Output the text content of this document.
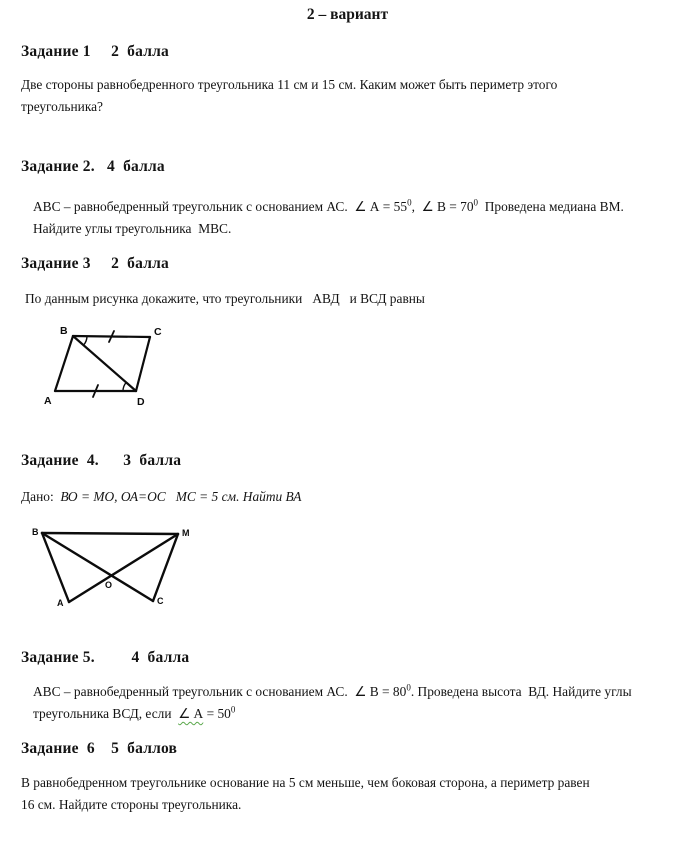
2 – вариант
Задание 1     2  балла
Две стороны равнобедренного треугольника 11 см и 15 см. Каким может быть периметр этого
треугольника?
Задание 2.   4  балла
АВС – равнобедренный треугольник с основанием АС.  ∠ $А = 55^0$,  ∠ $В = 70^0$  Проведена медиана ВМ.
Найдите углы треугольника  МВС.
Задание 3     2  балла
По данным рисунка докажите, что треугольники   АВД   и ВСД равны
B	C
A	D
Задание  4.      3  балла
Дано: ВО = МО, ОА=ОС   МС = 5 см. Найти ВА
B	M
A	C
O
Задание 5.         4  балла
АВС – равнобедренный треугольник с основанием АС.  ∠ $В = 80^0$. Проведена высота  ВД. Найдите углы
треугольника ВСД, если  ∠ $А = 50^0$
Задание  6    5  баллов
В равнобедренном треугольнике основание на 5 см меньше, чем боковая сторона, а периметр равен
16 см. Найдите стороны треугольника.
